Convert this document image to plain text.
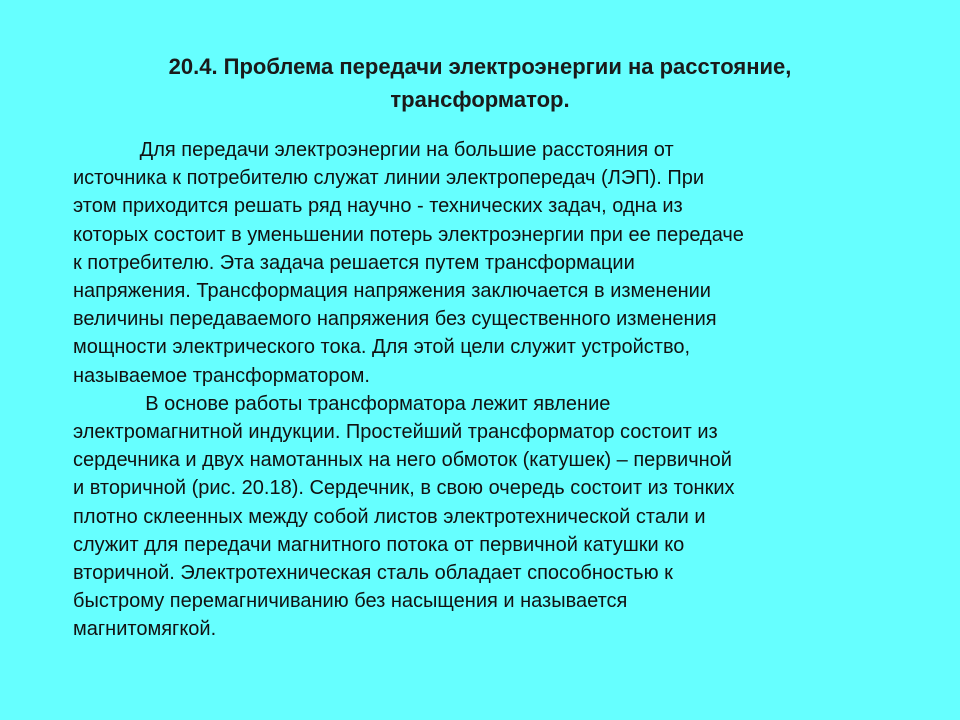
20.4. Проблема передачи электроэнергии на расстояние,
трансформатор.
Для передачи электроэнергии на большие расстояния от
источника к потребителю служат линии электропередач (ЛЭП). При
этом приходится решать ряд научно - технических задач, одна из
которых состоит в уменьшении потерь электроэнергии при ее передаче
к потребителю. Эта задача решается путем трансформации
напряжения. Трансформация напряжения заключается в изменении
величины передаваемого напряжения без существенного изменения
мощности электрического тока. Для этой цели служит устройство,
называемое трансформатором.
В основе работы трансформатора лежит явление
электромагнитной индукции. Простейший трансформатор состоит из
сердечника и двух намотанных на него обмоток (катушек) – первичной
и вторичной (рис. 20.18). Сердечник, в свою очередь состоит из тонких
плотно склеенных между собой листов электротехнической стали и
служит для передачи магнитного потока от первичной катушки ко
вторичной. Электротехническая сталь обладает способностью к
быстрому перемагничиванию без насыщения и называется
магнитомягкой.
